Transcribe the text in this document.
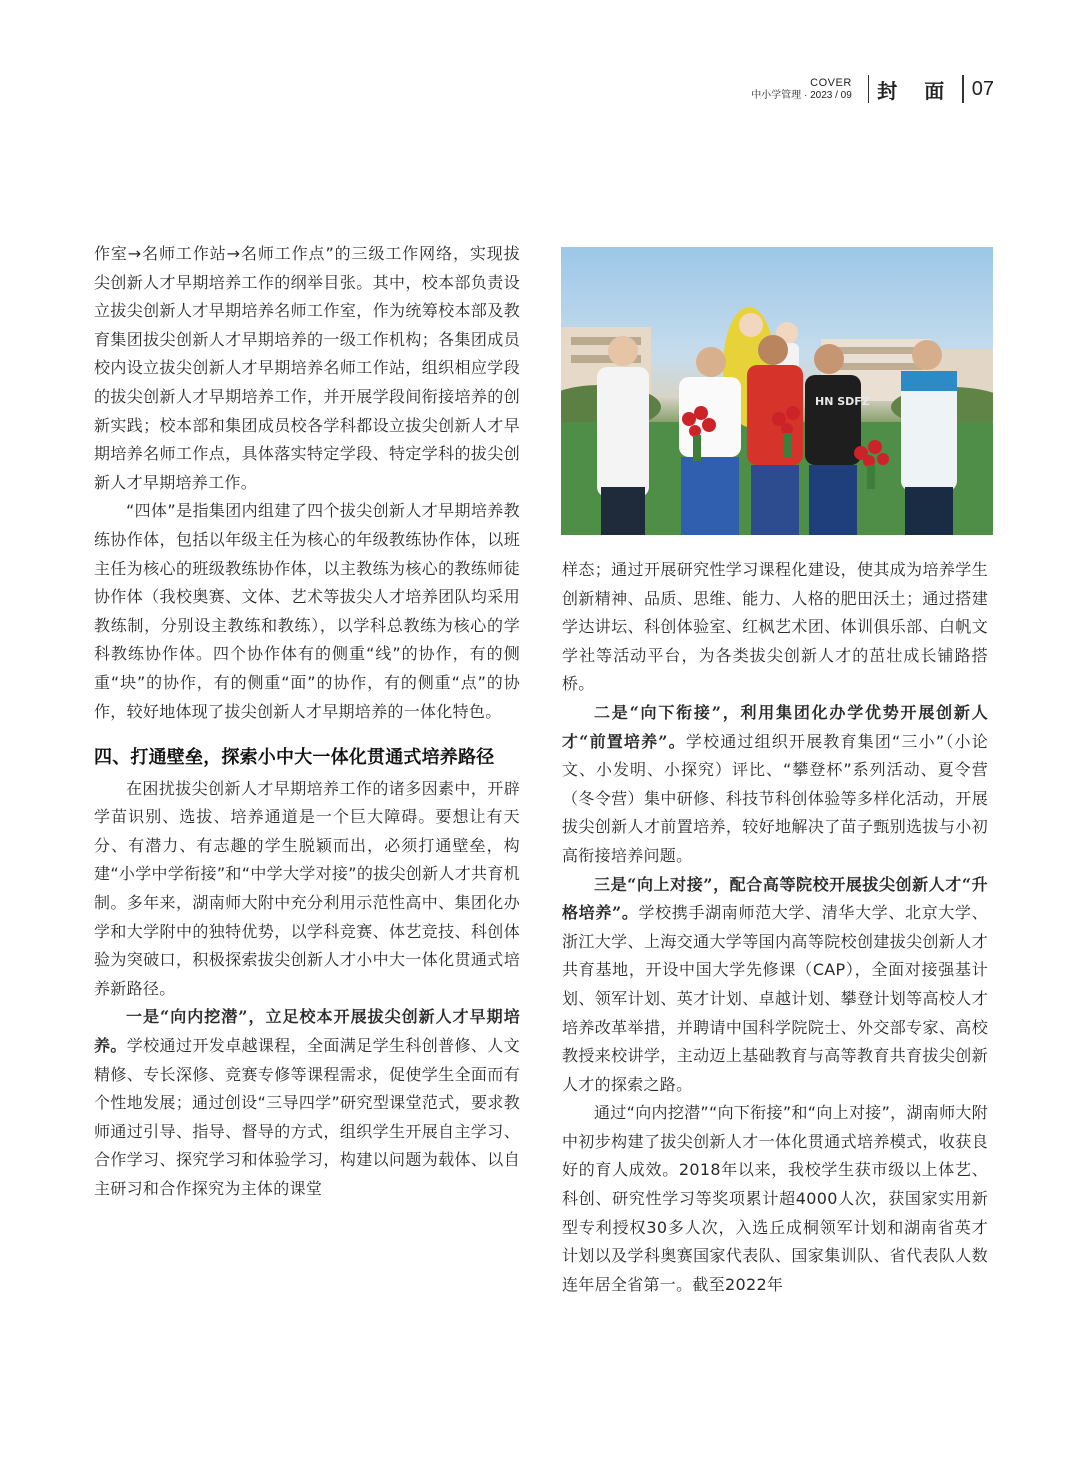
COVER
中小学管理 · 2023 / 09 封 面 07

作室→名师工作站→名师工作点”的三级工作网络，实现拔尖创新人才早期培养工作的纲举目张。其中，校本部负责设立拔尖创新人才早期培养名师工作室，作为统筹校本部及教育集团拔尖创新人才早期培养的一级工作机构；各集团成员校内设立拔尖创新人才早期培养名师工作站，组织相应学段的拔尖创新人才早期培养工作，并开展学段间衔接培养的创新实践；校本部和集团成员校各学科都设立拔尖创新人才早期培养名师工作点，具体落实特定学段、特定学科的拔尖创新人才早期培养工作。

“四体”是指集团内组建了四个拔尖创新人才早期培养教练协作体，包括以年级主任为核心的年级教练协作体，以班主任为核心的班级教练协作体，以主教练为核心的教练师徒协作体（我校奥赛、文体、艺术等拔尖人才培养团队均采用教练制，分别设主教练和教练），以学科总教练为核心的学科教练协作体。四个协作体有的侧重“线”的协作，有的侧重“块”的协作，有的侧重“面”的协作，有的侧重“点”的协作，较好地体现了拔尖创新人才早期培养的一体化特色。

四、打通壁垒，探索小中大一体化贯通式培养路径

在困扰拔尖创新人才早期培养工作的诸多因素中，开辟学苗识别、选拔、培养通道是一个巨大障碍。要想让有天分、有潜力、有志趣的学生脱颖而出，必须打通壁垒，构建“小学中学衔接”和“中学大学对接”的拔尖创新人才共育机制。多年来，湖南师大附中充分利用示范性高中、集团化办学和大学附中的独特优势，以学科竞赛、体艺竞技、科创体验为突破口，积极探索拔尖创新人才小中大一体化贯通式培养新路径。

一是“向内挖潜”，立足校本开展拔尖创新人才早期培养。学校通过开发卓越课程，全面满足学生科创普修、人文精修、专长深修、竞赛专修等课程需求，促使学生全面而有个性地发展；通过创设“三导四学”研究型课堂范式，要求教师通过引导、指导、督导的方式，组织学生开展自主学习、合作学习、探究学习和体验学习，构建以问题为载体、以自主研习和合作探究为主体的课堂

HN SDFZ

样态；通过开展研究性学习课程化建设，使其成为培养学生创新精神、品质、思维、能力、人格的肥田沃土；通过搭建学达讲坛、科创体验室、红枫艺术团、体训俱乐部、白帆文学社等活动平台，为各类拔尖创新人才的茁壮成长铺路搭桥。

二是“向下衔接”，利用集团化办学优势开展创新人才“前置培养”。学校通过组织开展教育集团“三小”（小论文、小发明、小探究）评比、“攀登杯”系列活动、夏令营（冬令营）集中研修、科技节科创体验等多样化活动，开展拔尖创新人才前置培养，较好地解决了苗子甄别选拔与小初高衔接培养问题。

三是“向上对接”，配合高等院校开展拔尖创新人才“升格培养”。学校携手湖南师范大学、清华大学、北京大学、浙江大学、上海交通大学等国内高等院校创建拔尖创新人才共育基地，开设中国大学先修课（CAP），全面对接强基计划、领军计划、英才计划、卓越计划、攀登计划等高校人才培养改革举措，并聘请中国科学院院士、外交部专家、高校教授来校讲学，主动迈上基础教育与高等教育共育拔尖创新人才的探索之路。

通过“向内挖潜”“向下衔接”和“向上对接”，湖南师大附中初步构建了拔尖创新人才一体化贯通式培养模式，收获良好的育人成效。2018年以来，我校学生获市级以上体艺、科创、研究性学习等奖项累计超4000人次，获国家实用新型专利授权30多人次，入选丘成桐领军计划和湖南省英才计划以及学科奥赛国家代表队、国家集训队、省代表队人数连年居全省第一。截至2022年
